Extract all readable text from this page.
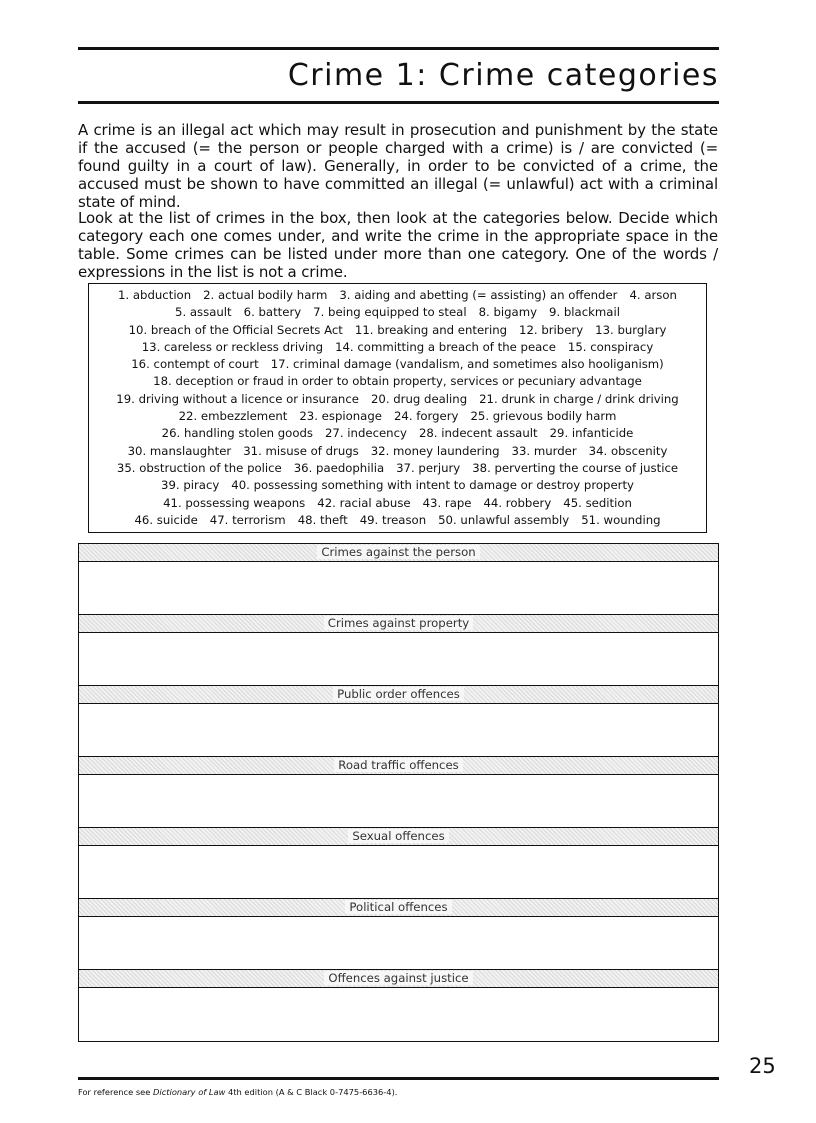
Crime 1: Crime categories

A crime is an illegal act which may result in prosecution and punishment by the state if the accused (= the person or people charged with a crime) is / are convicted (= found guilty in a court of law). Generally, in order to be convicted of a crime, the accused must be shown to have committed an illegal (= unlawful) act with a criminal state of mind.

Look at the list of crimes in the box, then look at the categories below. Decide which category each one comes under, and write the crime in the appropriate space in the table. Some crimes can be listed under more than one category. One of the words / expressions in the list is not a crime.

1. abduction 2. actual bodily harm 3. aiding and abetting (= assisting) an offender 4. arson
5. assault 6. battery 7. being equipped to steal 8. bigamy 9. blackmail
10. breach of the Official Secrets Act 11. breaking and entering 12. bribery 13. burglary
13. careless or reckless driving 14. committing a breach of the peace 15. conspiracy
16. contempt of court 17. criminal damage (vandalism, and sometimes also hooliganism)
18. deception or fraud in order to obtain property, services or pecuniary advantage
19. driving without a licence or insurance 20. drug dealing 21. drunk in charge / drink driving
22. embezzlement 23. espionage 24. forgery 25. grievous bodily harm
26. handling stolen goods 27. indecency 28. indecent assault 29. infanticide
30. manslaughter 31. misuse of drugs 32. money laundering 33. murder 34. obscenity
35. obstruction of the police 36. paedophilia 37. perjury 38. perverting the course of justice
39. piracy 40. possessing something with intent to damage or destroy property
41. possessing weapons 42. racial abuse 43. rape 44. robbery 45. sedition
46. suicide 47. terrorism 48. theft 49. treason 50. unlawful assembly 51. wounding
Crimes against the person
Crimes against property
Public order offences
Road traffic offences
Sexual offences
Political offences
Offences against justice
25
For reference see Dictionary of Law 4th edition (A & C Black 0-7475-6636-4).
